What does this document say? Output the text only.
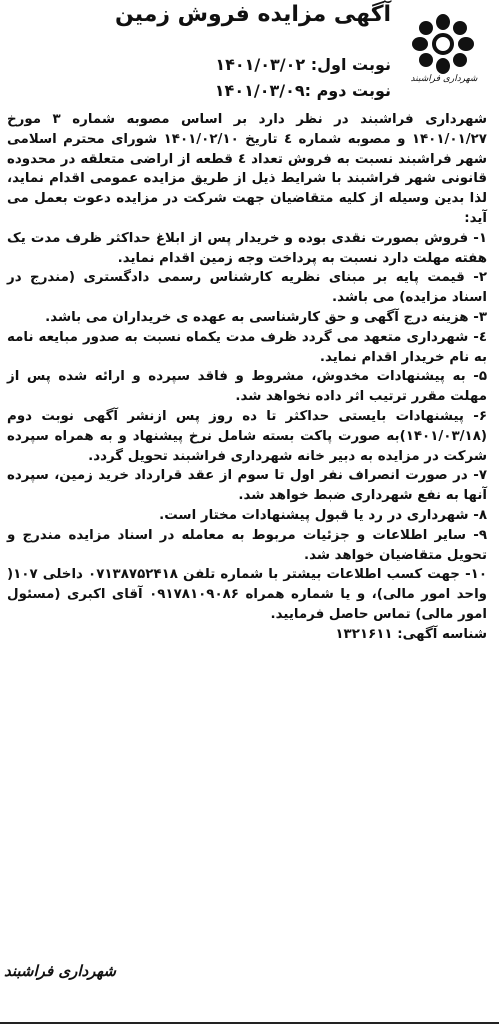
آگهی مزایده فروش زمین
شهرداری فراشبند
نوبت اول: ۱۴۰۱/۰۳/۰۲
نوبت دوم :۱۴۰۱/۰۳/۰۹

شهرداری فراشبند در نظر دارد بر اساس مصوبه شماره ۳ مورخ ۱۴۰۱/۰۱/۲۷ و مصوبه شماره ٤ تاریخ ۱۴۰۱/۰۲/۱۰ شورای محترم اسلامی شهر فراشبند نسبت به فروش تعداد ٤ قطعه از اراضی متعلقه در محدوده قانونی شهر فراشبند با شرایط ذیل از طریق مزایده عمومی اقدام نماید، لذا بدین وسیله از کلیه متقاضیان جهت شرکت در مزایده دعوت بعمل می آید:

۱- فروش بصورت نقدی بوده و خریدار پس از ابلاغ حداکثر ظرف مدت یک هفته مهلت دارد نسبت به پرداخت وجه زمین اقدام نماید.

۲- قیمت پایه بر مبنای نظریه کارشناس رسمی دادگستری (مندرج در اسناد مزایده) می باشد.

۳- هزینه درج آگهی و حق کارشناسی به عهده ی خریداران می باشد.

٤- شهرداری متعهد می گردد ظرف مدت یکماه نسبت به صدور مبایعه نامه به نام خریدار اقدام نماید.

۵- به پیشنهادات مخدوش، مشروط و فاقد سپرده و ارائه شده پس از مهلت مقرر ترتیب اثر داده نخواهد شد.

۶- پیشنهادات بایستی حداکثر تا ده روز پس ازنشر آگهی نوبت دوم (۱۴۰۱/۰۳/۱۸)به صورت پاکت بسته شامل نرخ پیشنهاد و به همراه سپرده شرکت در مزایده به دبیر خانه شهرداری فراشبند تحویل گردد.

۷- در صورت انصراف نفر اول تا سوم از عقد قرارداد خرید زمین، سپرده آنها به نفع شهرداری ضبط خواهد شد.

۸- شهرداری در رد یا قبول پیشنهادات مختار است.

۹- سایر اطلاعات و جزئیات مربوط به معامله در اسناد مزایده مندرج و تحویل متقاضیان خواهد شد.

۱۰- جهت کسب اطلاعات بیشتر با شماره تلفن ۰۷۱۳۸۷۵۲۴۱۸ داخلی ۱۰۷( واحد امور مالی)، و یا شماره همراه ۰۹۱۷۸۱۰۹۰۸۶ آقای اکبری (مسئول امور مالی) تماس حاصل فرمایید.

شناسه آگهی: ۱۳۲۱۶۱۱

شهرداری فراشبند
